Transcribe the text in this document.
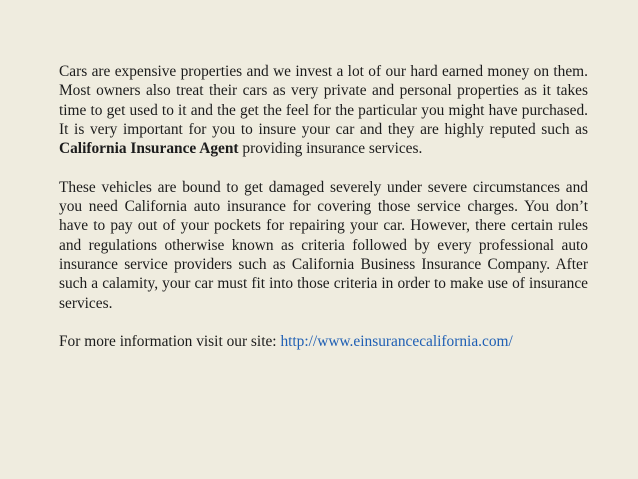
Cars are expensive properties and we invest a lot of our hard earned money on them. Most owners also treat their cars as very private and personal properties as it takes time to get used to it and the get the feel for the particular you might have purchased. It is very important for you to insure your car and they are highly reputed such as California Insurance Agent providing insurance services.

These vehicles are bound to get damaged severely under severe circumstances and you need California auto insurance for covering those service charges. You don’t have to pay out of your pockets for repairing your car. However, there certain rules and regulations otherwise known as criteria followed by every professional auto insurance service providers such as California Business Insurance Company. After such a calamity, your car must fit into those criteria in order to make use of insurance services.

For more information visit our site: http://www.einsurancecalifornia.com/
